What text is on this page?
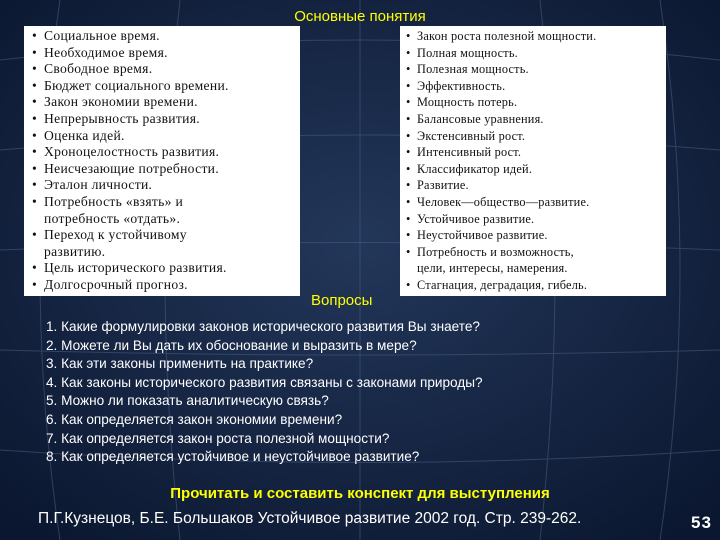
Основные понятия
• Социальное время.
• Необходимое время.
• Свободное время.
• Бюджет социального времени.
• Закон экономии времени.
• Непрерывность развития.
• Оценка идей.
• Хроноцелостность развития.
• Неисчезающие потребности.
• Эталон личности.
• Потребность «взять» и
потребность «отдать».
• Переход к устойчивому
развитию.
• Цель исторического развития.
• Долгосрочный прогноз.
• Закон роста полезной мощности.
• Полная мощность.
• Полезная мощность.
• Эффективность.
• Мощность потерь.
• Балансовые уравнения.
• Экстенсивный рост.
• Интенсивный рост.
• Классификатор идей.
• Развитие.
• Человек—общество—развитие.
• Устойчивое развитие.
• Неустойчивое развитие.
• Потребность и возможность,
цели, интересы, намерения.
• Стагнация, деградация, гибель.
Вопросы
1. Какие формулировки законов исторического развития Вы знаете?
2. Можете ли Вы дать их обоснование и выразить в мере?
3. Как эти законы применить на практике?
4. Как законы исторического развития связаны с законами природы?
5. Можно ли показать аналитическую связь?
6. Как определяется закон экономии времени?
7. Как определяется закон роста полезной мощности?
8. Как определяется устойчивое и неустойчивое развитие?
Прочитать и составить конспект для выступления
П.Г.Кузнецов, Б.Е. Большаков Устойчивое развитие 2002 год. Стр. 239-262.	53
